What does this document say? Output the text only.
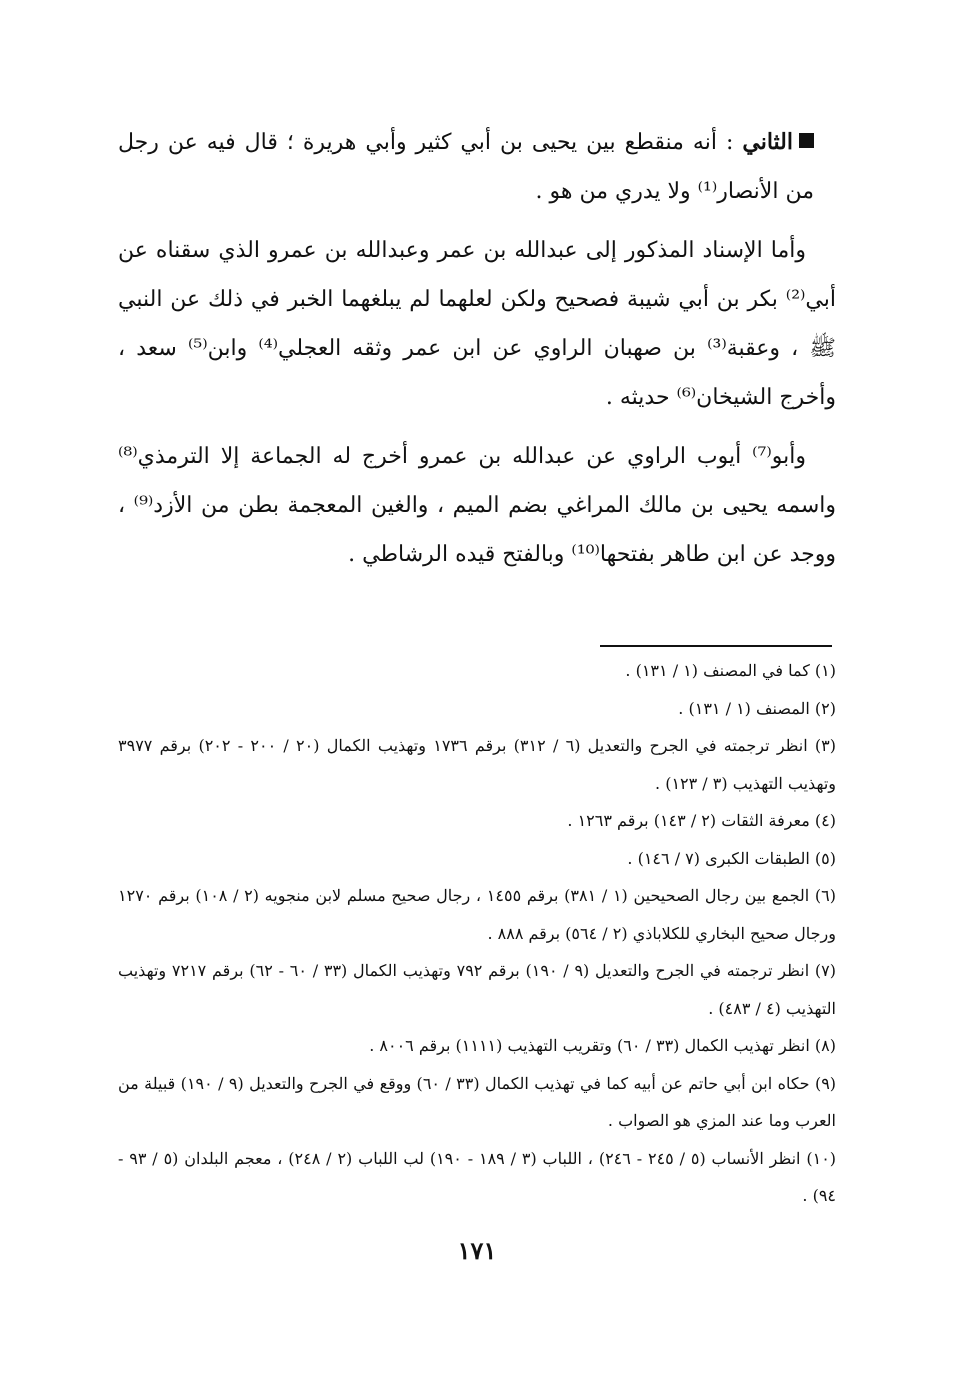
الثاني : أنه منقطع بين يحيى بن أبي كثير وأبي هريرة ؛ قال فيه عن رجل من الأنصار⁽¹⁾ ولا يدري من هو .

وأما الإسناد المذكور إلى عبدالله بن عمر وعبدالله بن عمرو الذي سقناه عن أبي⁽²⁾ بكر بن أبي شيبة فصحيح ولكن لعلهما لم يبلغهما الخبر في ذلك عن النبي ﷺ ، وعقبة⁽³⁾ بن صهبان الراوي عن ابن عمر وثقه العجلي⁽⁴⁾ وابن⁽⁵⁾ سعد ، وأخرج الشيخان⁽⁶⁾ حديثه .

وأبو⁽⁷⁾ أيوب الراوي عن عبدالله بن عمرو أخرج له الجماعة إلا الترمذي⁽⁸⁾ واسمه يحيى بن مالك المراغي بضم الميم ، والغين المعجمة بطن من الأزد⁽⁹⁾ ، ووجد عن ابن طاهر بفتحها⁽¹⁰⁾ وبالفتح قيده الرشاطي .

(١) كما في المصنف (١ / ١٣١) .

(٢) المصنف (١ / ١٣١) .

(٣) انظر ترجمته في الجرح والتعديل (٦ / ٣١٢) برقم ١٧٣٦ وتهذيب الكمال (٢٠ / ٢٠٠ - ٢٠٢) برقم ٣٩٧٧ وتهذيب التهذيب (٣ / ١٢٣) .

(٤) معرفة الثقات (٢ / ١٤٣) برقم ١٢٦٣ .

(٥) الطبقات الكبرى (٧ / ١٤٦) .

(٦) الجمع بين رجال الصحيحين (١ / ٣٨١) برقم ١٤٥٥ ، رجال صحيح مسلم لابن منجويه (٢ / ١٠٨) برقم ١٢٧٠ ورجال صحيح البخاري للكلاباذي (٢ / ٥٦٤) برقم ٨٨٨ .

(٧) انظر ترجمته في الجرح والتعديل (٩ / ١٩٠) برقم ٧٩٢ وتهذيب الكمال (٣٣ / ٦٠ - ٦٢) برقم ٧٢١٧ وتهذيب التهذيب (٤ / ٤٨٣) .

(٨) انظر تهذيب الكمال (٣٣ / ٦٠) وتقريب التهذيب (١١١١) برقم ٨٠٠٦ .

(٩) حكاه ابن أبي حاتم عن أبيه كما في تهذيب الكمال (٣٣ / ٦٠) ووقع في الجرح والتعديل (٩ / ١٩٠) قبيلة من العرب وما عند المزي هو الصواب .

(١٠) انظر الأنساب (٥ / ٢٤٥ - ٢٤٦) ، اللباب (٣ / ١٨٩ - ١٩٠) لب اللباب (٢ / ٢٤٨) ، معجم البلدان (٥ / ٩٣ - ٩٤) .

١٧١
